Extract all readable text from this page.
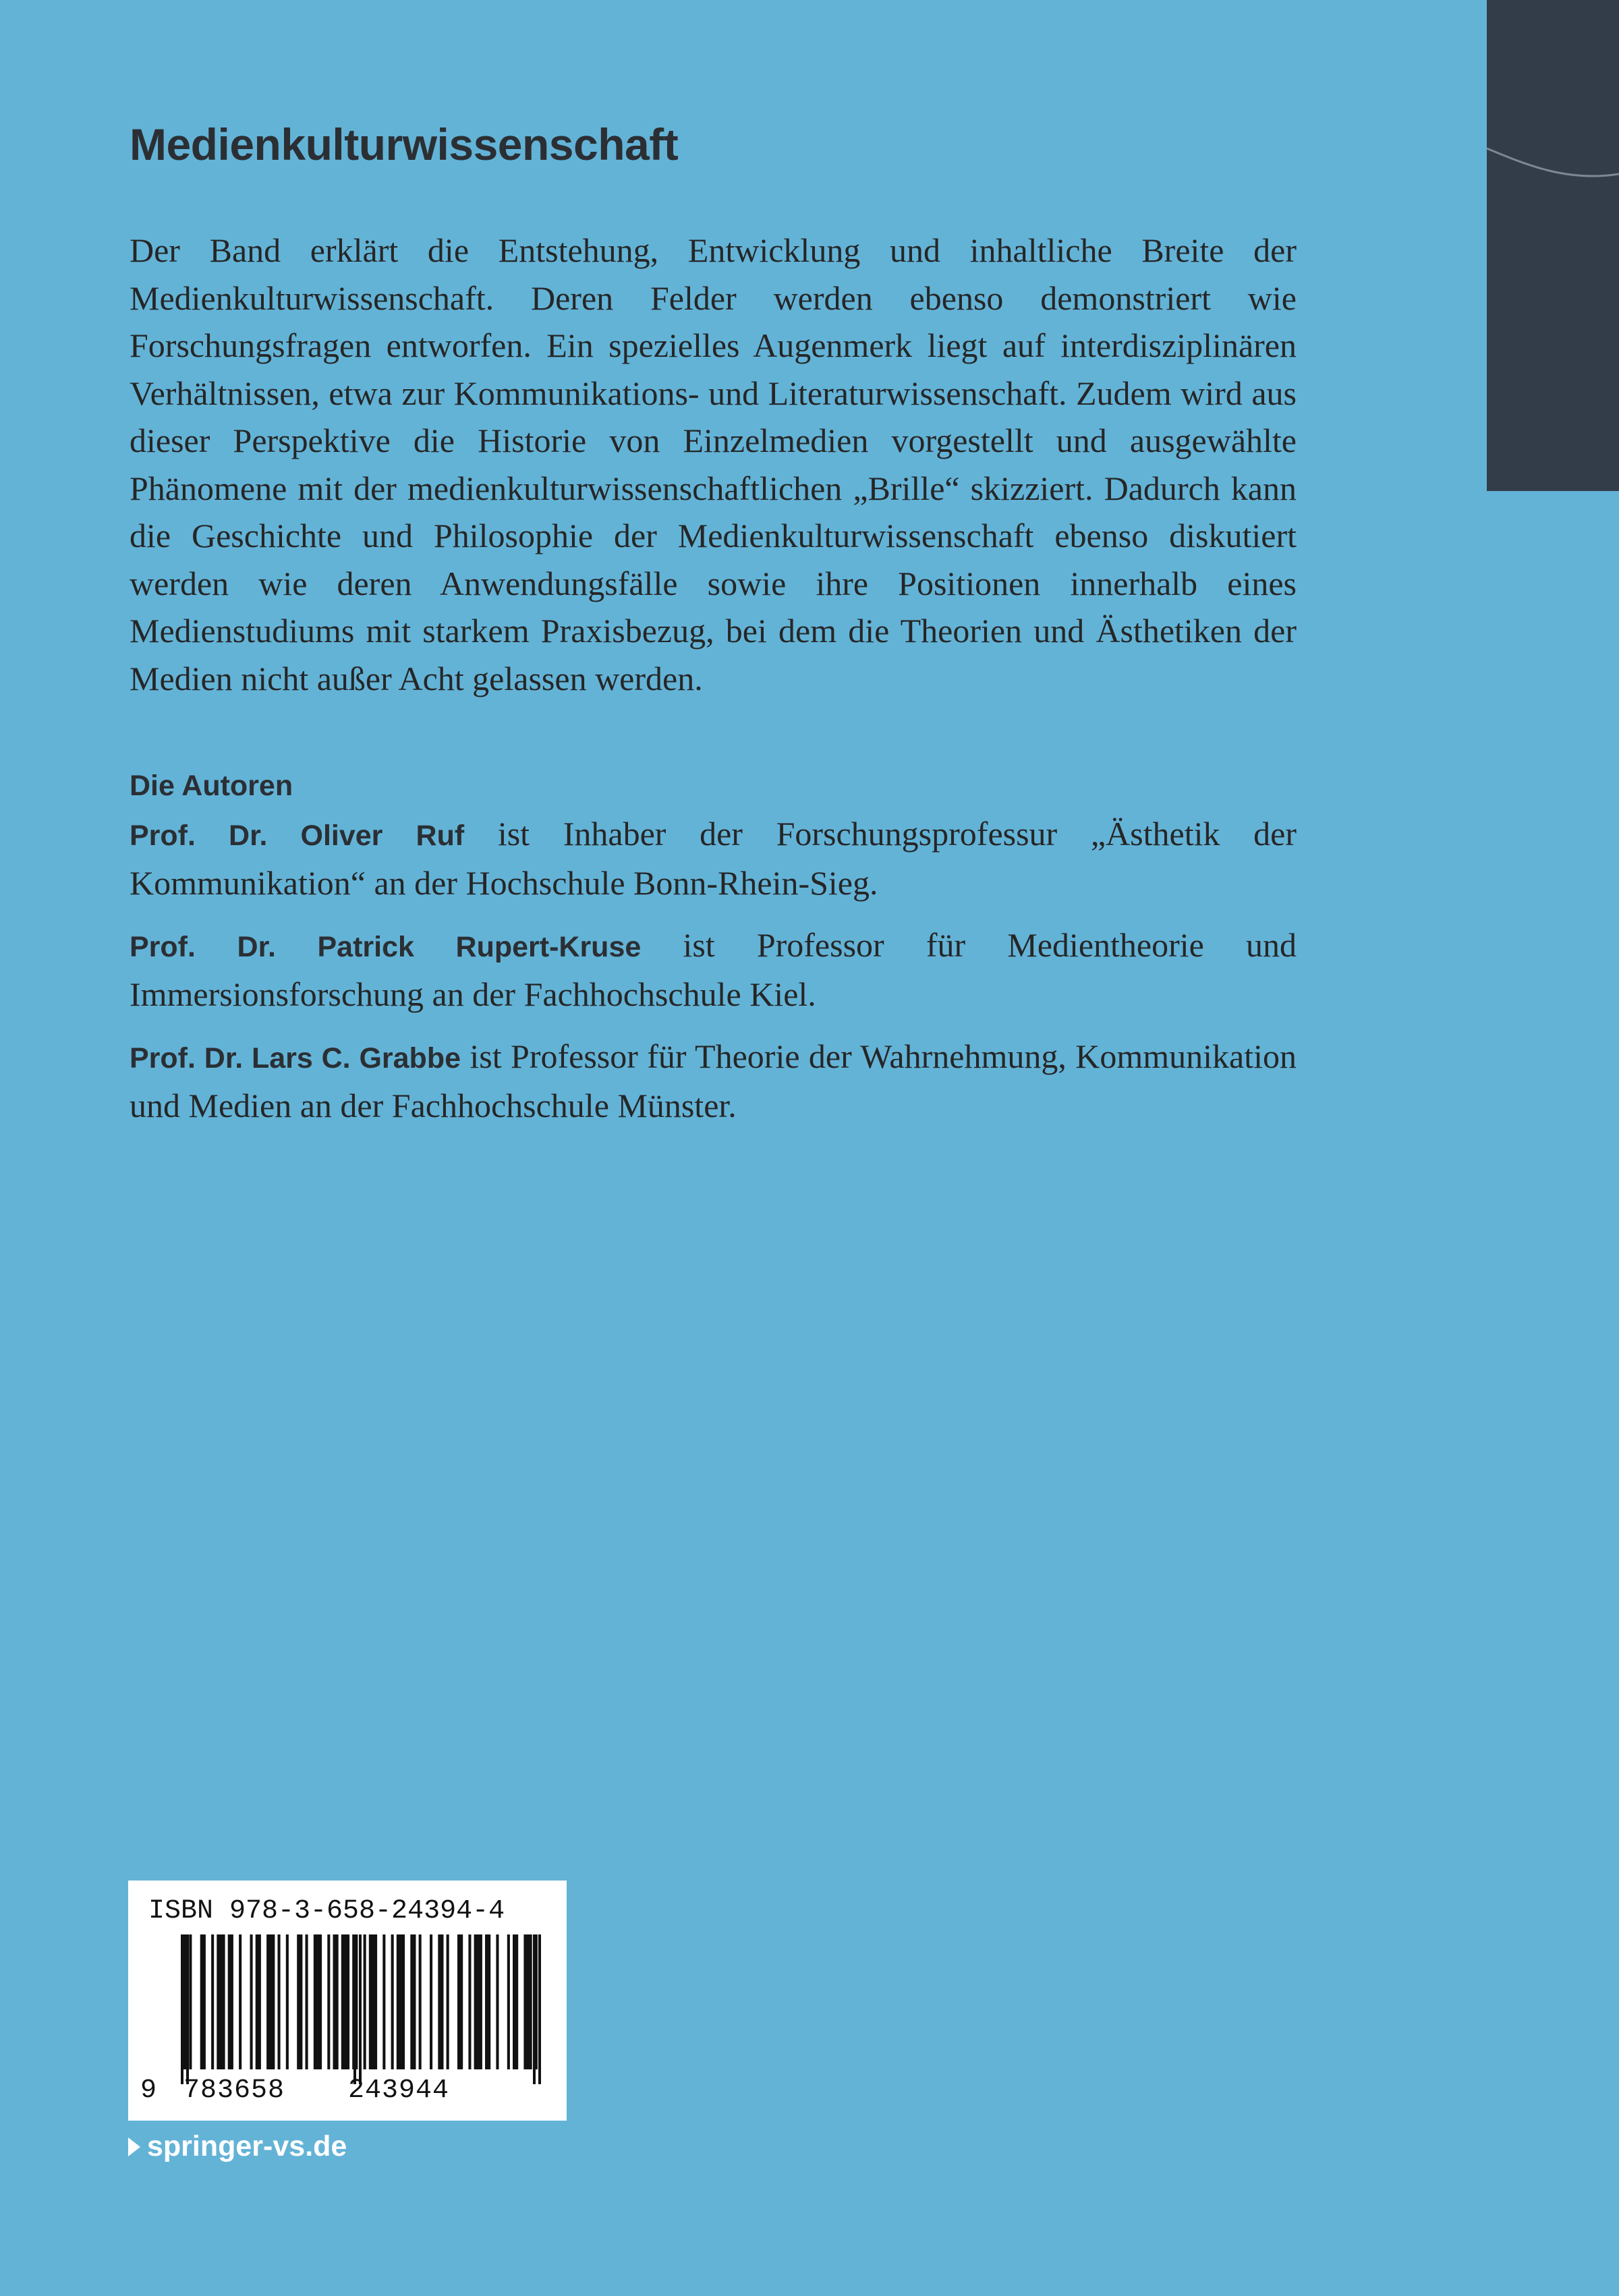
Medienkulturwissenschaft

Der Band erklärt die Entstehung, Entwicklung und inhaltliche Breite der Medienkulturwissenschaft. Deren Felder werden ebenso demonstriert wie Forschungsfragen entworfen. Ein spezielles Augenmerk liegt auf interdisziplinären Verhältnissen, etwa zur Kommunikations- und Literaturwissenschaft. Zudem wird aus dieser Perspektive die Historie von Einzelmedien vorgestellt und ausgewählte Phänomene mit der medienkulturwissenschaftlichen „Brille“ skizziert. Dadurch kann die Geschichte und Philosophie der Medienkulturwissenschaft ebenso diskutiert werden wie deren Anwendungsfälle sowie ihre Positionen innerhalb eines Medienstudiums mit starkem Praxisbezug, bei dem die Theorien und Ästhetiken der Medien nicht außer Acht gelassen werden.

Die Autoren

Prof. Dr. Oliver Ruf ist Inhaber der Forschungsprofessur „Ästhetik der Kommunikation“ an der Hochschule Bonn-Rhein-Sieg.

Prof. Dr. Patrick Rupert-Kruse ist Professor für Medientheorie und Immersionsforschung an der Fachhochschule Kiel.

Prof. Dr. Lars C. Grabbe ist Professor für Theorie der Wahrnehmung, Kommunikation und Medien an der Fachhochschule Münster.

ISBN 978-3-658-24394-4
9 783658 243944
springer-vs.de
